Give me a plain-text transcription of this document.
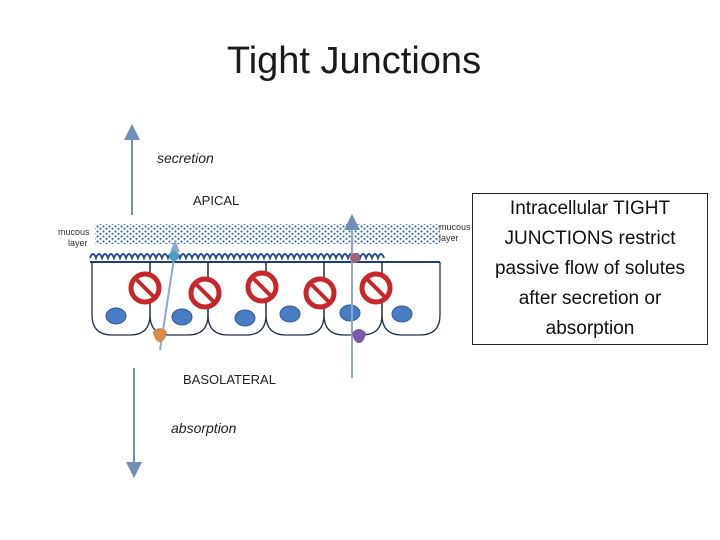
Tight Junctions
secretion
APICAL
BASOLATERAL
absorption
mucous
layer
mucous
layer
Intracellular TIGHT
JUNCTIONS restrict
passive flow of solutes
after secretion or
absorption
